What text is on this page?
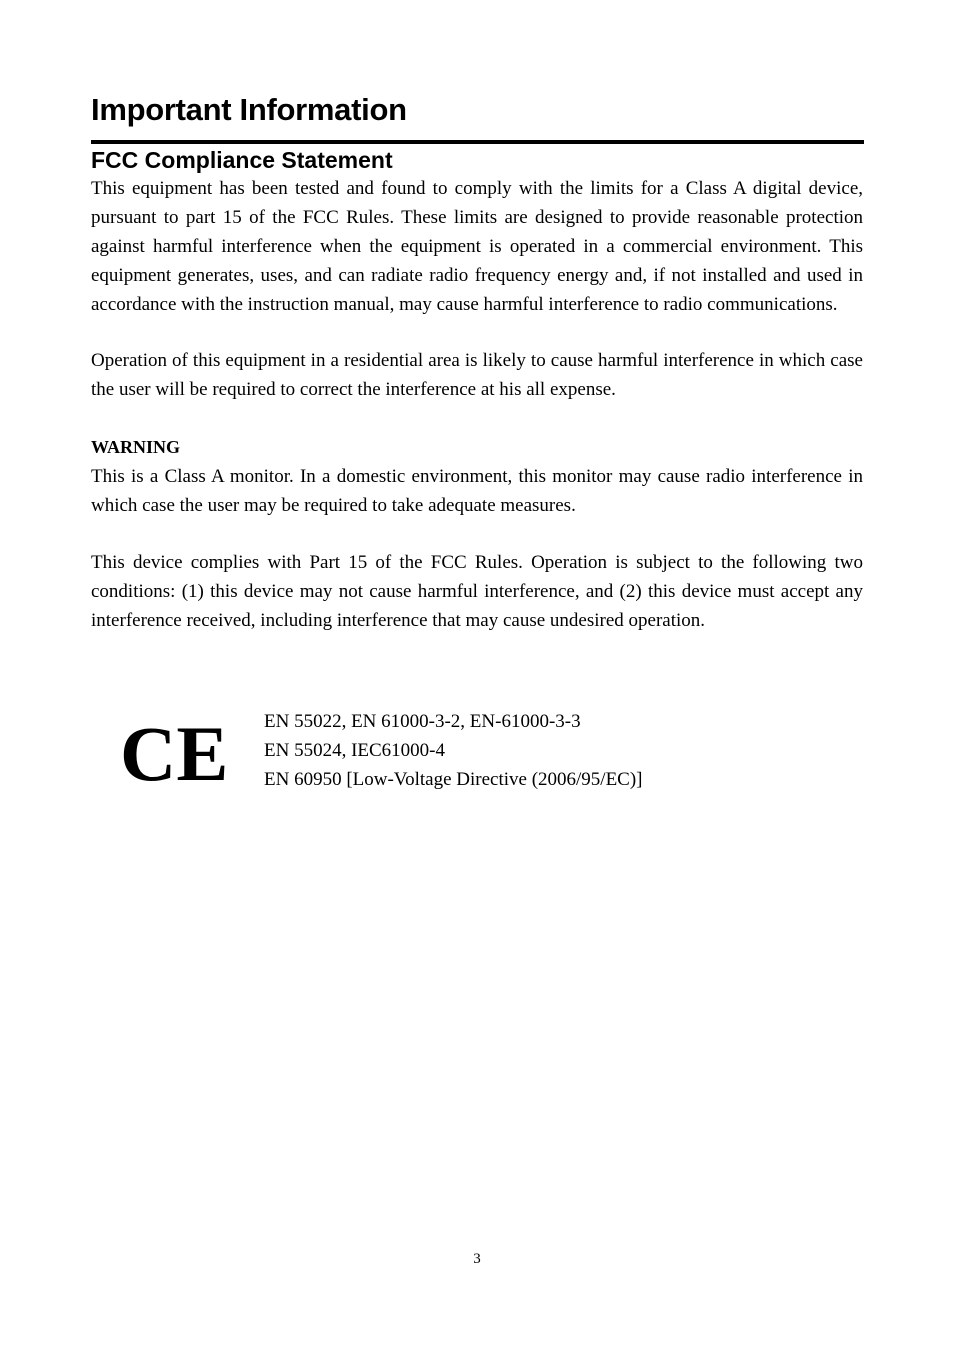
Important Information
FCC Compliance Statement

This equipment has been tested and found to comply with the limits for a Class A digital device, pursuant to part 15 of the FCC Rules. These limits are designed to provide reasonable protection against harmful interference when the equipment is operated in a commercial environment. This equipment generates, uses, and can radiate radio frequency energy and, if not installed and used in accordance with the instruction manual, may cause harmful interference to radio communications.

Operation of this equipment in a residential area is likely to cause harmful interference in which case the user will be required to correct the interference at his all expense.

WARNING

This is a Class A monitor. In a domestic environment, this monitor may cause radio interference in which case the user may be required to take adequate measures.

This device complies with Part 15 of the FCC Rules. Operation is subject to the following two conditions: (1) this device may not cause harmful interference, and (2) this device must accept any interference received, including interference that may cause undesired operation.

CE EN 55022, EN 61000-3-2, EN-61000-3-3
EN 55024, IEC61000-4
EN 60950 [Low-Voltage Directive (2006/95/EC)]
3
